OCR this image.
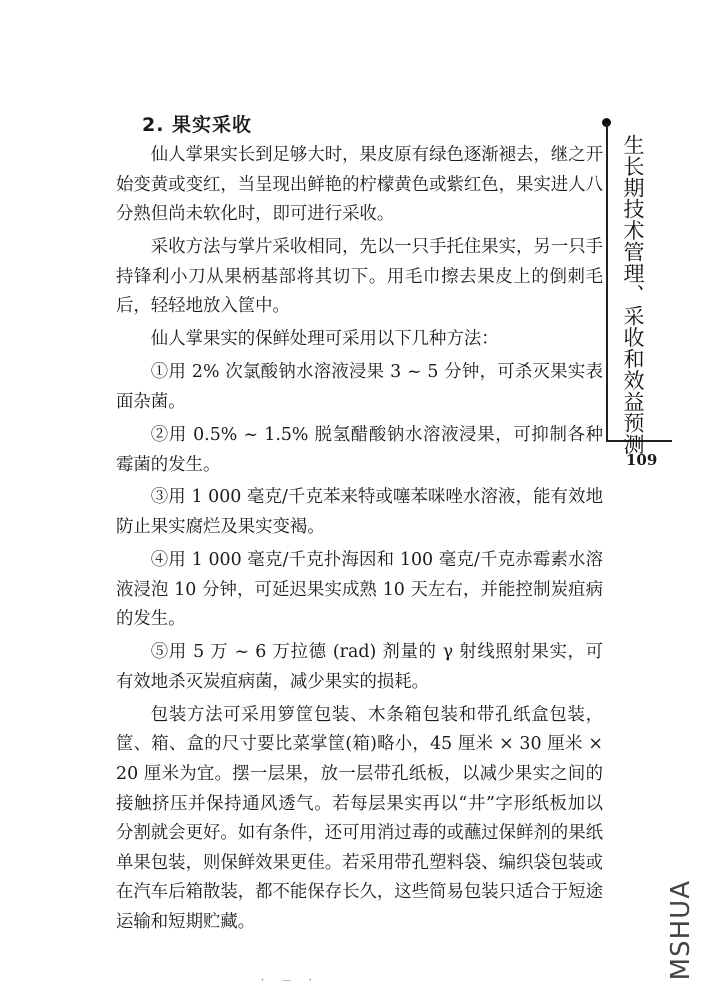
2. 果实采收

仙人掌果实长到足够大时，果皮原有绿色逐渐褪去，继之开始变黄或变红，当呈现出鲜艳的柠檬黄色或紫红色，果实进人八分熟但尚未软化时，即可进行采收。

采收方法与掌片采收相同，先以一只手托住果实，另一只手持锋利小刀从果柄基部将其切下。用毛巾擦去果皮上的倒刺毛后，轻轻地放入筐中。

仙人掌果实的保鲜处理可采用以下几种方法：

①用 2% 次氯酸钠水溶液浸果 3 ~ 5 分钟，可杀灭果实表面杂菌。

②用 0.5% ~ 1.5% 脱氢醋酸钠水溶液浸果，可抑制各种霉菌的发生。

③用 1 000 毫克/千克苯来特或噻苯咪唑水溶液，能有效地防止果实腐烂及果实变褐。

④用 1 000 毫克/千克扑海因和 100 毫克/千克赤霉素水溶液浸泡 10 分钟，可延迟果实成熟 10 天左右，并能控制炭疽病的发生。

⑤用 5 万 ~ 6 万拉德 (rad) 剂量的 γ 射线照射果实，可有效地杀灭炭疽病菌，减少果实的损耗。

包装方法可采用箩筐包装、木条箱包装和带孔纸盒包装，筐、箱、盒的尺寸要比菜掌筐(箱)略小，45 厘米 × 30 厘米 × 20 厘米为宜。摆一层果，放一层带孔纸板，以减少果实之间的接触挤压并保持通风透气。若每层果实再以“井”字形纸板加以分割就会更好。如有条件，还可用消过毒的或蘸过保鲜剂的果纸单果包装，则保鲜效果更佳。若采用带孔塑料袋、编织袋包装或在汽车后箱散装，都不能保存长久，这些简易包装只适合于短途运输和短期贮藏。

生长期技术管理、采收和效益预测
109
MSHUA
・ — ・
